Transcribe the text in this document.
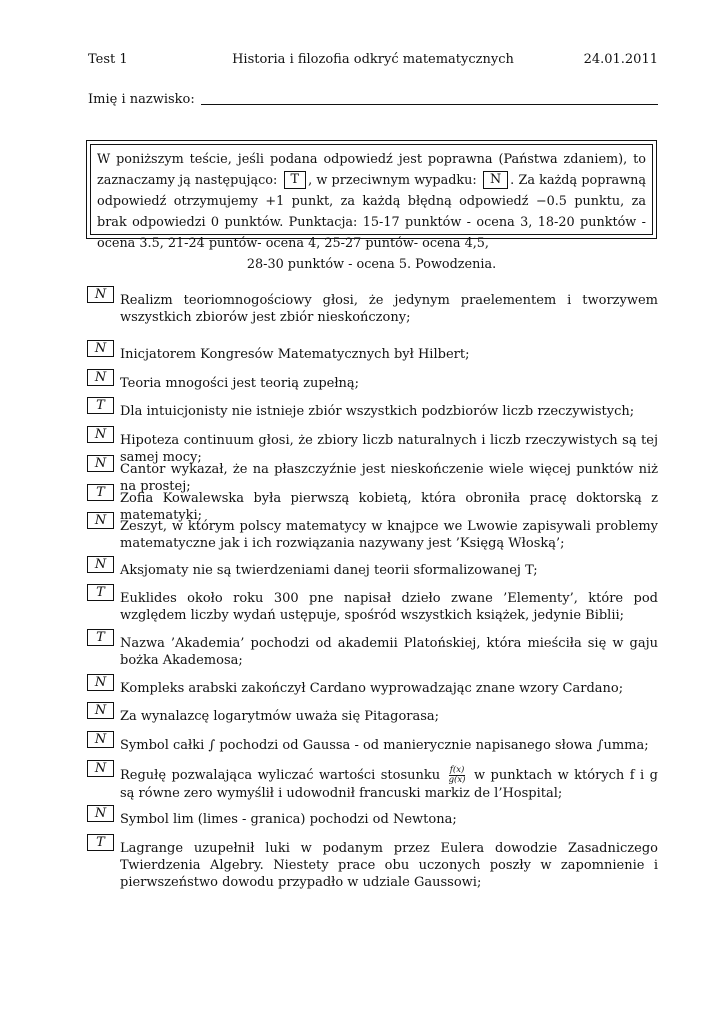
Test 1	Historia i filozofia odkryć matematycznych	24.01.2011
Imię i nazwisko:
W poniższym teście, jeśli podana odpowiedź jest poprawna (Państwa zdaniem), to zaznaczamy ją następująco: T , w przeciwnym wypadku: N . Za każdą poprawną odpowiedź otrzymujemy +1 punkt, za każdą błędną odpowiedź −0.5 punktu, za brak odpowiedzi 0 punktów. Punktacja: 15-17 punktów - ocena 3, 18-20 punktów - ocena 3.5, 21-24 puntów- ocena 4, 25-27 puntów- ocena 4,5,
28-30 punktów - ocena 5. Powodzenia.
N	Realizm teoriomnogościowy głosi, że jedynym praelementem i tworzywem wszystkich zbiorów jest zbiór nieskończony;
N	Inicjatorem Kongresów Matematycznych był Hilbert;
N	Teoria mnogości jest teorią zupełną;
T	Dla intuicjonisty nie istnieje zbiór wszystkich podzbiorów liczb rzeczywistych;
N	Hipoteza continuum głosi, że zbiory liczb naturalnych i liczb rzeczywistych są tej samej mocy;
N	Cantor wykazał, że na płaszczyźnie jest nieskończenie wiele więcej punktów niż na prostej;
T	Zofia Kowalewska była pierwszą kobietą, która obroniła pracę doktorską z matematyki;
N	Zeszyt, w którym polscy matematycy w knajpce we Lwowie zapisywali problemy matematyczne jak i ich rozwiązania nazywany jest ’Księgą Włoską’;
N	Aksjomaty nie są twierdzeniami danej teorii sformalizowanej T;
T	Euklides około roku 300 pne napisał dzieło zwane ’Elementy’, które pod względem liczby wydań ustępuje, spośród wszystkich książek, jedynie Biblii;
T	Nazwa ’Akademia’ pochodzi od akademii Platońskiej, która mieściła się w gaju bożka Akademosa;
N	Kompleks arabski zakończył Cardano wyprowadzając znane wzory Cardano;
N	Za wynalazcę logarytmów uważa się Pitagorasa;
N	Symbol całki ∫ pochodzi od Gaussa - od manierycznie napisanego słowa ∫umma;
N	Regułę pozwalająca wyliczać wartości stosunku $\frac{f(x)}{g(x)}$ w punktach w których f i g są równe zero wymyślił i udowodnił francuski markiz de l’Hospital;
N	Symbol lim (limes - granica) pochodzi od Newtona;
T	Lagrange uzupełnił luki w podanym przez Eulera dowodzie Zasadniczego Twierdzenia Algebry. Niestety prace obu uczonych poszły w zapomnienie i pierwszeństwo dowodu przypadło w udziale Gaussowi;
